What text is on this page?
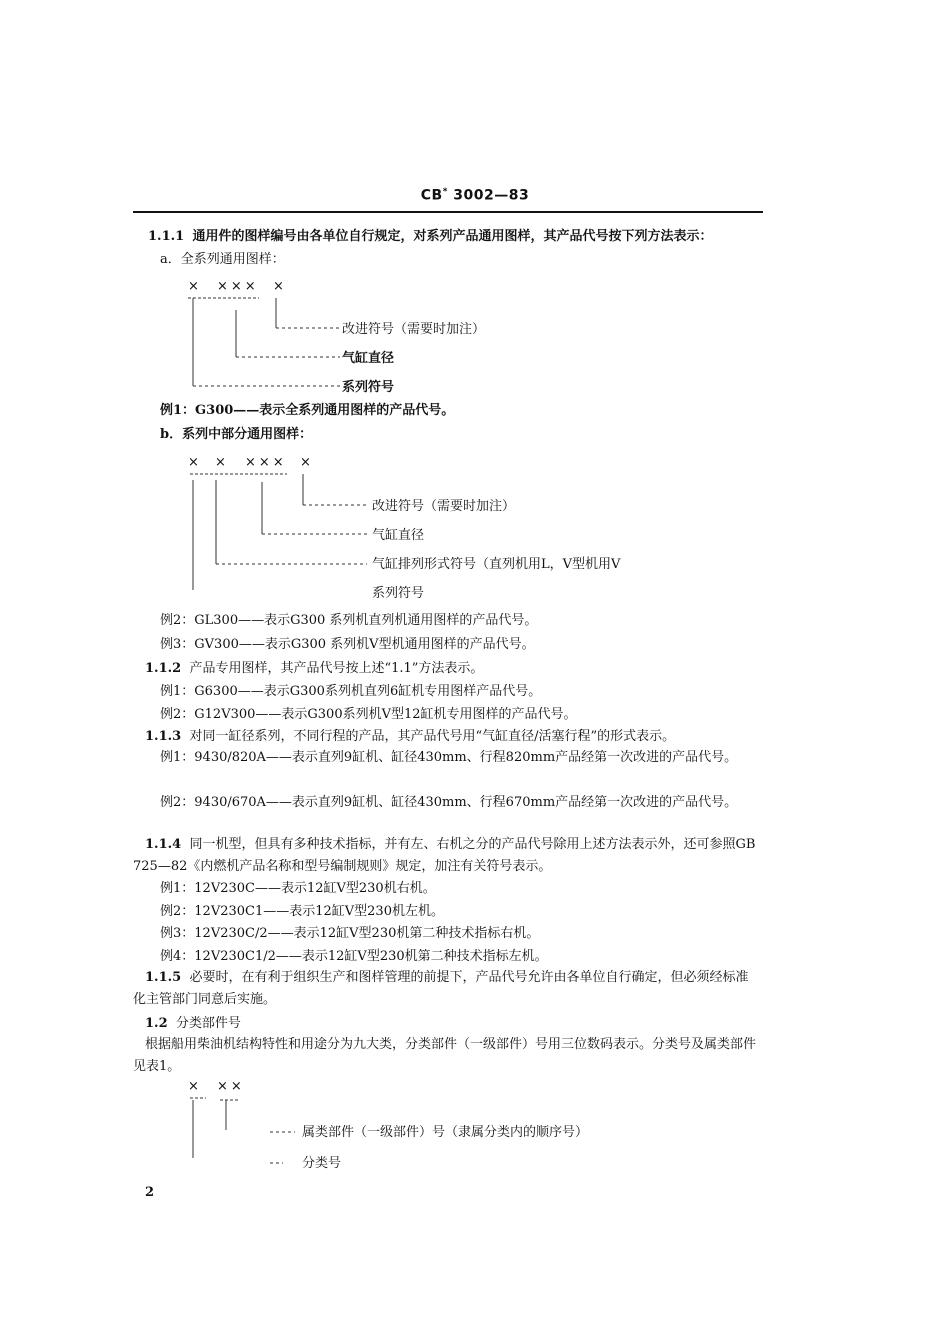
CB* 3002—83
1.1.1 通用件的图样编号由各单位自行规定，对系列产品通用图样，其产品代号按下列方法表示：
a．全系列通用图样：
× ××× ×
改进符号（需要时加注）
气缸直径
系列符号
例1：G300——表示全系列通用图样的产品代号。
b．系列中部分通用图样：
× × ××× ×
改进符号（需要时加注）
气缸直径
气缸排列形式符号（直列机用L，V型机用V
系列符号
例2：GL300——表示G300 系列机直列机通用图样的产品代号。
例3：GV300——表示G300 系列机V型机通用图样的产品代号。
1.1.2 产品专用图样，其产品代号按上述“1.1”方法表示。
例1：G6300——表示G300系列机直列6缸机专用图样产品代号。
例2：G12V300——表示G300系列机V型12缸机专用图样的产品代号。
1.1.3 对同一缸径系列，不同行程的产品，其产品代号用“气缸直径/活塞行程”的形式表示。
例1：9430/820A——表示直列9缸机、缸径430mm、行程820mm产品经第一次改进的产品代号。
例2：9430/670A——表示直列9缸机、缸径430mm、行程670mm产品经第一次改进的产品代号。
1.1.4 同一机型，但具有多种技术指标，并有左、右机之分的产品代号除用上述方法表示外，还可参照GB 725—82《内燃机产品名称和型号编制规则》规定，加注有关符号表示。
例1：12V230C——表示12缸V型230机右机。
例2：12V230C1——表示12缸V型230机左机。
例3：12V230C/2——表示12缸V型230机第二种技术指标右机。
例4：12V230C1/2——表示12缸V型230机第二种技术指标左机。
1.1.5 必要时，在有利于组织生产和图样管理的前提下，产品代号允许由各单位自行确定，但必须经标准化主管部门同意后实施。
1.2 分类部件号
根据船用柴油机结构特性和用途分为九大类，分类部件（一级部件）号用三位数码表示。分类号及属类部件见表1。
× ××
属类部件（一级部件）号（隶属分类内的顺序号）
分类号
2
